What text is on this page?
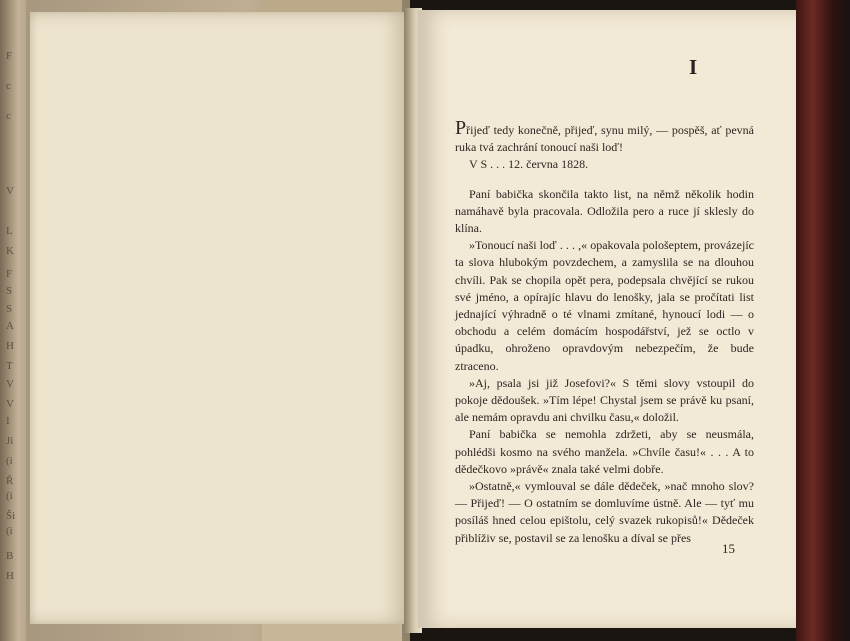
F
c
c
V
L
K
F
S
S
A
H
T
V
V
I
Ji
(i
Ř
(i
Ši
(i
B
H
I

Přijeď tedy konečně, přijeď, synu milý, — pospěš, ať pevná ruka tvá zachrání tonoucí naši loď!

V S . . . 12. června 1828.

Paní babička skončila takto list, na němž několik hodin namáhavě byla pracovala. Odložila pero a ruce jí sklesly do klína.

»Tonoucí naši loď . . . ,« opakovala pološeptem, provázejíc ta slova hlubokým povzdechem, a zamyslila se na dlouhou chvíli. Pak se chopila opět pera, podepsala chvějící se rukou své jméno, a opírajíc hlavu do lenošky, jala se pročítati list jednající výhradně o té vlnami zmítané, hynoucí lodi — o obchodu a celém domácím hospodářství, jež se octlo v úpadku, ohroženo opravdovým nebezpečím, že bude ztraceno.

»Aj, psala jsi již Josefovi?« S těmi slovy vstoupil do pokoje dědoušek. »Tím lépe! Chystal jsem se právě ku psaní, ale nemám opravdu ani chvilku času,« doložil.

Paní babička se nemohla zdržeti, aby se neusmála, pohlédši kosmo na svého manžela. »Chvíle času!« . . . A to dědečkovo »právě« znala také velmi dobře.

»Ostatně,« vymlouval se dále dědeček, »nač mnoho slov? — Přijeď! — O ostatním se domluvíme ústně. Ale — tyť mu posíláš hned celou epištolu, celý svazek rukopisů!« Dědeček přiblíživ se, postavil se za lenošku a díval se přes

15
